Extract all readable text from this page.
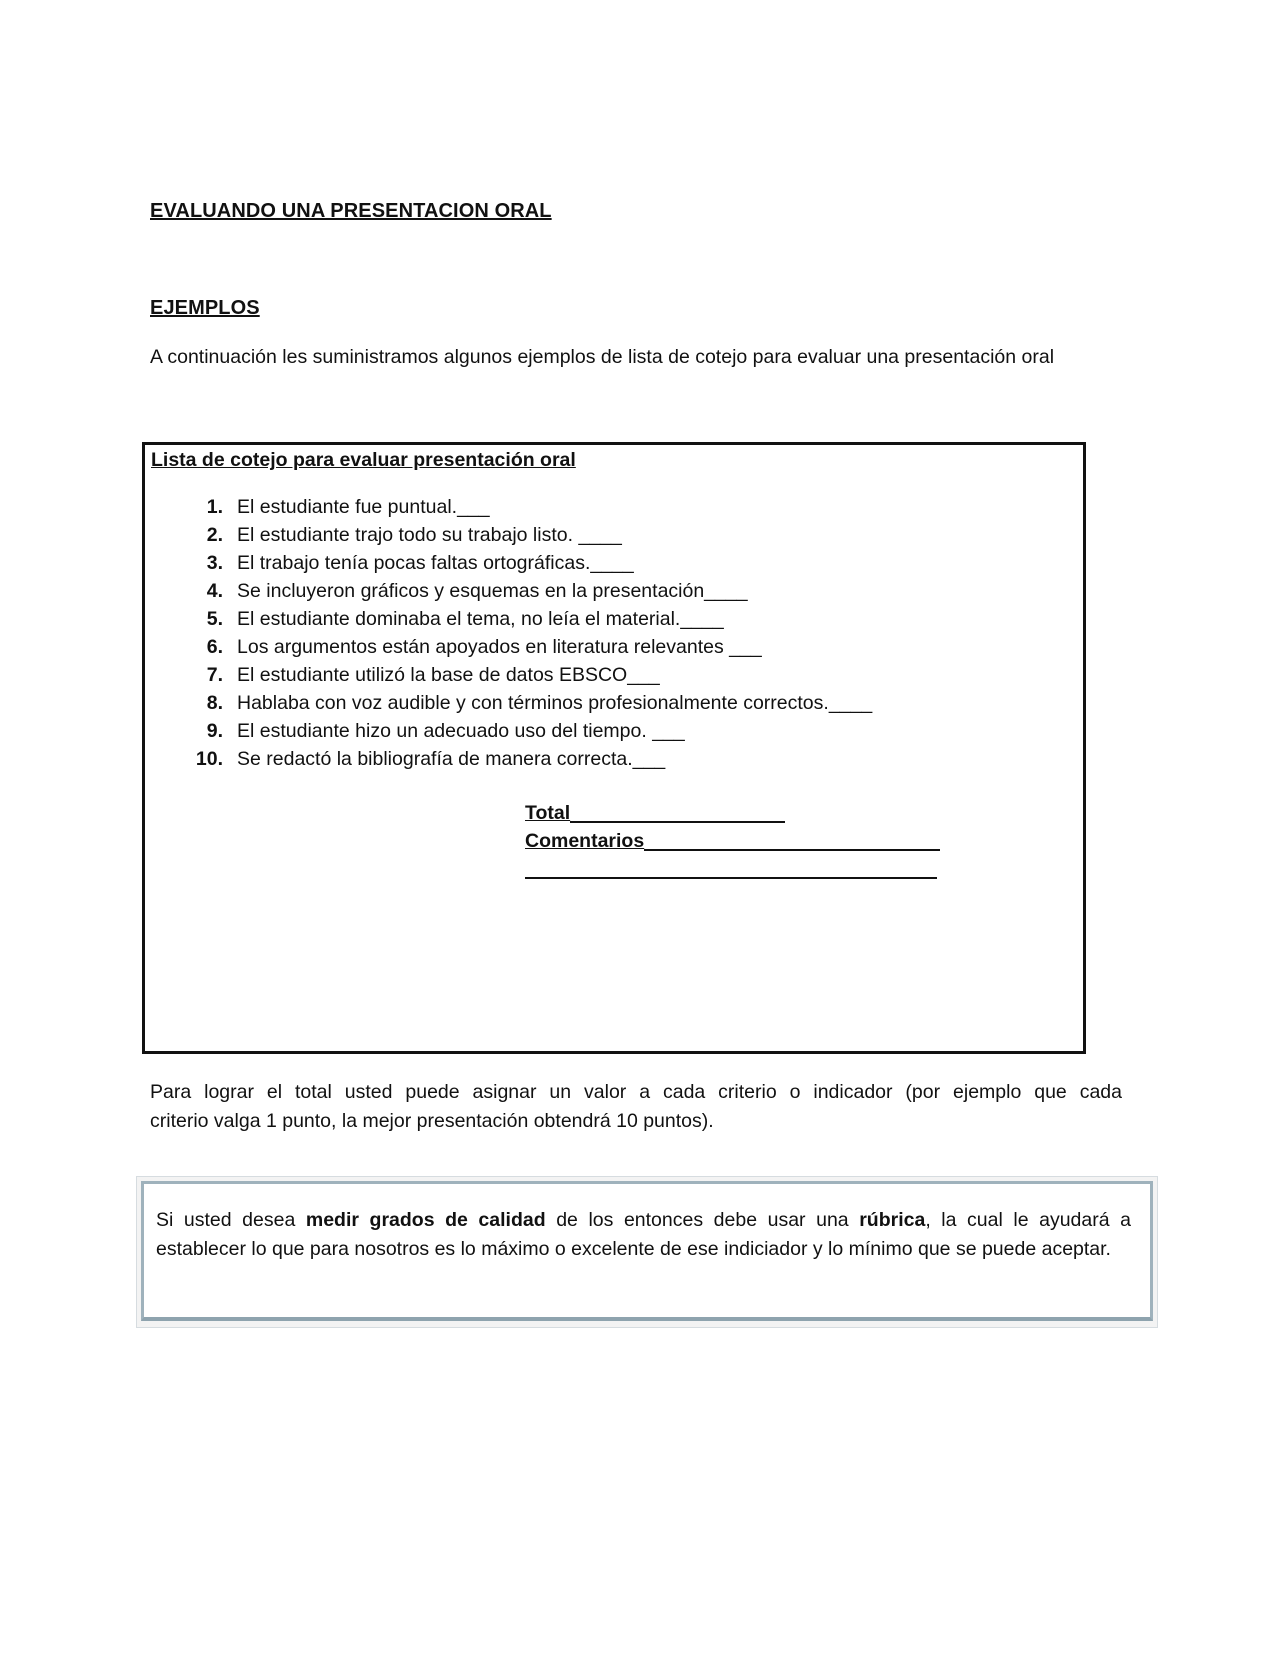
EVALUANDO UNA PRESENTACION ORAL
EJEMPLOS
A continuación les suministramos algunos ejemplos de lista de cotejo para evaluar una presentación oral
Lista de cotejo para evaluar presentación oral
1. El estudiante fue puntual.___
2. El estudiante trajo todo su trabajo listo. ____
3. El trabajo tenía pocas faltas ortográficas.____
4. Se incluyeron gráficos y esquemas en la presentación____
5. El estudiante dominaba el tema, no leía el material.____
6. Los argumentos están apoyados en literatura relevantes ___
7. El estudiante utilizó la base de datos EBSCO___
8. Hablaba con voz audible y con términos profesionalmente correctos.____
9. El estudiante hizo un adecuado uso del tiempo. ___
10. Se redactó la bibliografía de manera correcta.___
Total
Comentarios
Para lograr el total usted puede asignar un valor a cada criterio o indicador (por ejemplo que cada
criterio valga 1 punto, la mejor presentación obtendrá 10 puntos).
Si usted desea medir grados de calidad de los entonces debe usar una rúbrica, la cual le ayudará a establecer lo que para nosotros es lo máximo o excelente de ese indiciador y lo mínimo que se puede aceptar.
